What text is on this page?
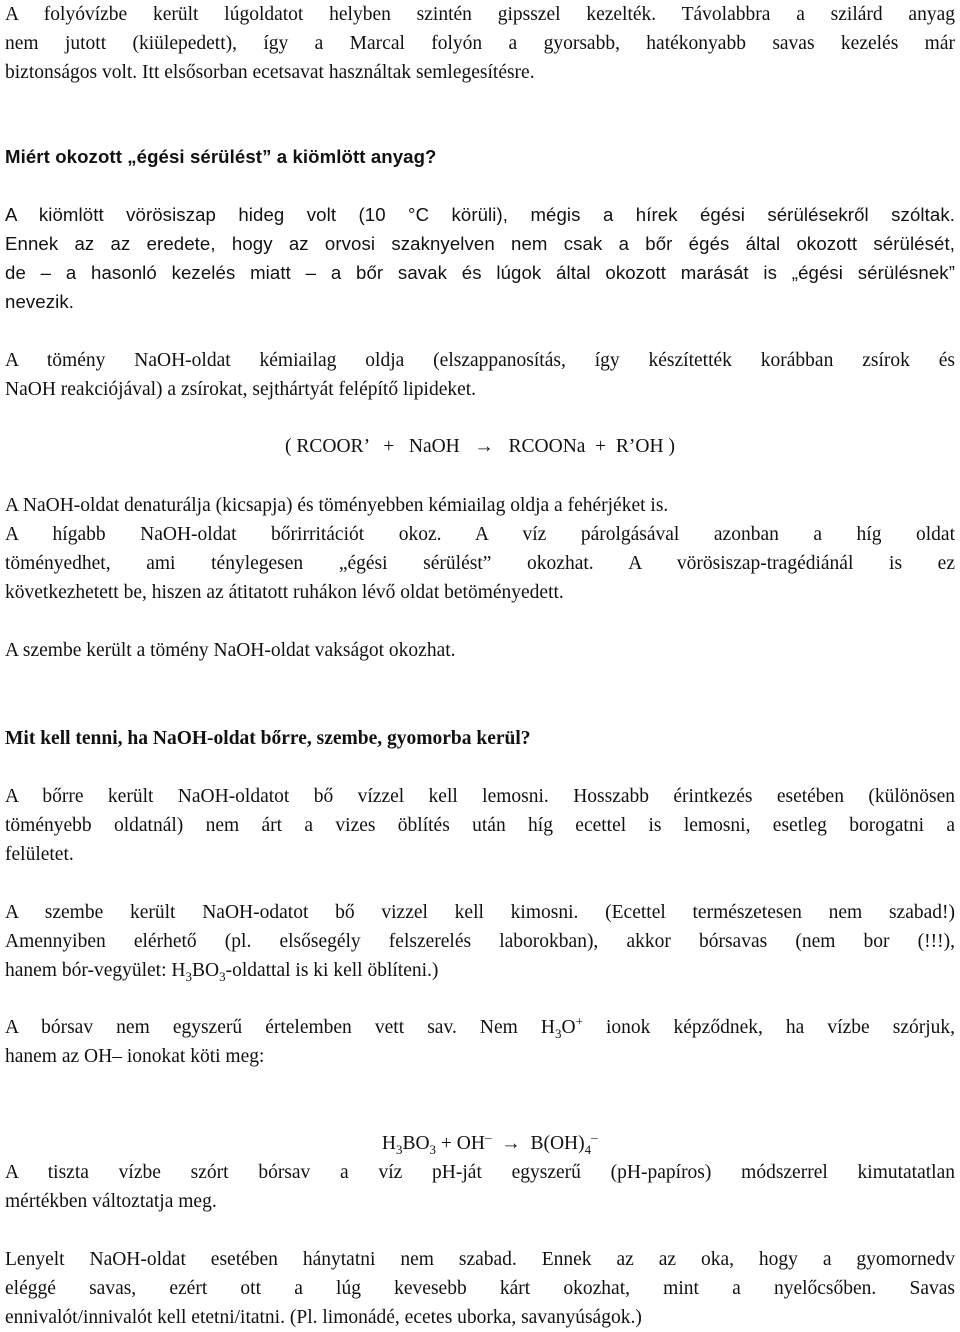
A folyóvízbe került lúgoldatot helyben szintén gipsszel kezelték. Távolabbra a szilárd anyag
nem jutott (kiülepedett), így a Marcal folyón a gyorsabb, hatékonyabb savas kezelés már
biztonságos volt. Itt elsősorban ecetsavat használtak semlegesítésre.

Miért okozott „égési sérülést” a kiömlött anyag?

A kiömlött vörösiszap hideg volt (10 °C körüli), mégis a hírek égési sérülésekről szóltak.
Ennek az az eredete, hogy az orvosi szaknyelven nem csak a bőr égés által okozott sérülését,
de – a hasonló kezelés miatt – a bőr savak és lúgok által okozott marását is „égési sérülésnek”
nevezik.

A tömény NaOH-oldat kémiailag oldja (elszappanosítás, így készítették korábban zsírok és
NaOH reakciójával) a zsírokat, sejthártyát felépítő lipideket.

( RCOOR’   +   NaOH   →   RCOONa  +  R’OH )

A NaOH-oldat denaturálja (kicsapja) és töményebben kémiailag oldja a fehérjéket is.
A hígabb NaOH-oldat bőrirritációt okoz. A víz párolgásával azonban a híg oldat
töményedhet, ami ténylegesen „égési sérülést” okozhat. A vörösiszap-tragédiánál is ez
következhetett be, hiszen az átitatott ruhákon lévő oldat betöményedett.

A szembe került a tömény NaOH-oldat vakságot okozhat.

Mit kell tenni, ha NaOH-oldat bőrre, szembe, gyomorba kerül?

A bőrre került NaOH-oldatot bő vízzel kell lemosni. Hosszabb érintkezés esetében (különösen
töményebb oldatnál) nem árt a vizes öblítés után híg ecettel is lemosni, esetleg borogatni a
felületet.

A szembe került NaOH-odatot bő vizzel kell kimosni. (Ecettel természetesen nem szabad!)
Amennyiben elérhető (pl. elsősegély felszerelés laborokban), akkor bórsavas (nem bor (!!!),
hanem bór-vegyület: $H_3BO_3$-oldattal is ki kell öblíteni.)

A bórsav nem egyszerű értelemben vett sav. Nem $H_3O^+$ ionok képződnek, ha vízbe szórjuk,
hanem az OH– ionokat köti meg:

$H_3BO_3 + OH^- \to B(OH)_4^-$

A tiszta vízbe szórt bórsav a víz pH-ját egyszerű (pH-papíros) módszerrel kimutatatlan
mértékben változtatja meg.

Lenyelt NaOH-oldat esetében hánytatni nem szabad. Ennek az az oka, hogy a gyomornedv
eléggé savas, ezért ott a lúg kevesebb kárt okozhat, mint a nyelőcsőben. Savas
ennivalót/innivalót kell etetni/itatni. (Pl. limonádé, ecetes uborka, savanyúságok.)
